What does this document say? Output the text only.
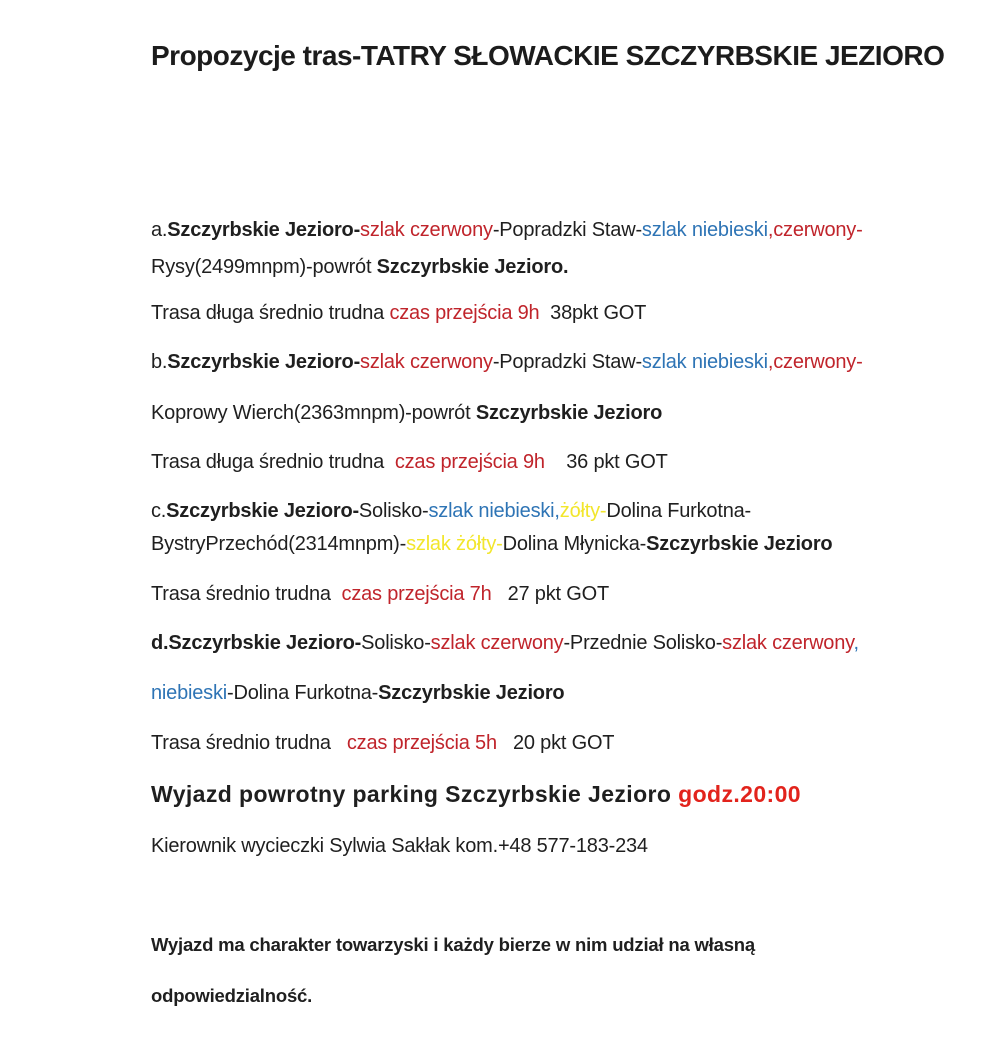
Propozycje tras-TATRY SŁOWACKIE SZCZYRBSKIE JEZIORO
a.Szczyrbskie Jezioro-szlak czerwony-Popradzki Staw-szlak niebieski,czerwony-
Rysy(2499mnpm)-powrót Szczyrbskie Jezioro.
Trasa długa średnio trudna czas przejścia 9h  38pkt GOT
b.Szczyrbskie Jezioro-szlak czerwony-Popradzki Staw-szlak niebieski,czerwony-
Koprowy Wierch(2363mnpm)-powrót Szczyrbskie Jezioro
Trasa długa średnio trudna  czas przejścia 9h    36 pkt GOT
c.Szczyrbskie Jezioro-Solisko-szlak niebieski,żółty-Dolina Furkotna-
BystryPrzechód(2314mnpm)-szlak żółty-Dolina Młynicka-Szczyrbskie Jezioro
Trasa średnio trudna  czas przejścia 7h   27 pkt GOT
d.Szczyrbskie Jezioro-Solisko-szlak czerwony-Przednie Solisko-szlak czerwony,
niebieski-Dolina Furkotna-Szczyrbskie Jezioro
Trasa średnio trudna   czas przejścia 5h   20 pkt GOT
Wyjazd powrotny parking Szczyrbskie Jezioro godz.20:00
Kierownik wycieczki Sylwia Sakłak kom.+48 577-183-234
Wyjazd ma charakter towarzyski i każdy bierze w nim udział na własną
odpowiedzialność.
